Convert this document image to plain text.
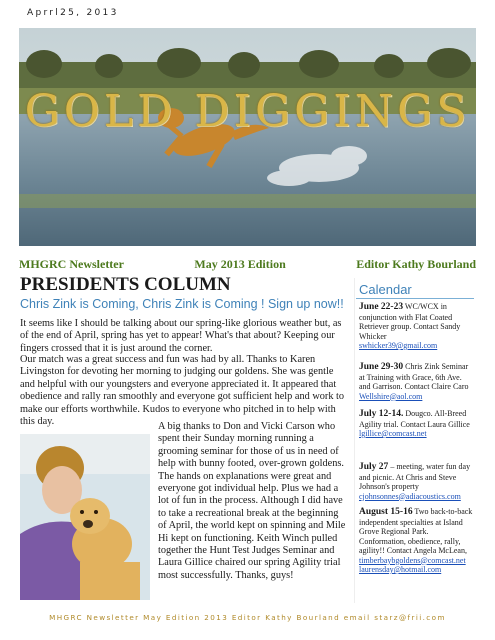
Aprrl25, 2013
GOLD DIGGINGS
MHGRC Newsletter	May 2013 Edition	Editor Kathy Bourland
PRESIDENTS COLUMN
Chris Zink is Coming, Chris Zink is Coming ! Sign up now!!
It seems like I should be talking about our spring-like glorious weather but, as of the end of April, spring has yet to appear! What's that about? Keeping our fingers crossed that it is just around the corner.
Our match was a great success and fun was had by all. Thanks to Karen Livingston for devoting her morning to judging our goldens. She was gentle and helpful with our youngsters and everyone appreciated it. It appeared that obedience and rally ran smoothly and everyone got sufficient help and work to make our efforts worthwhile. Kudos to everyone who pitched in to help with this day.	A big thanks to Don and Vicki Carson who spent their Sunday morning running a grooming seminar for those of us in need of help with bunny footed, over-grown goldens. The hands on explanations were great and everyone got individual help. Plus we had a lot of fun in the process. Although I did have to take a recreational break at the beginning of April, the world kept on spinning and Mile Hi kept on functioning. Keith Winch pulled together the Hunt Test Judges Seminar and Laura Gillice chaired our spring Agility trial most successfully. Thanks, guys!
Calendar
June 22-23 WC/WCX in conjunction with Flat Coated Retriever group. Contact Sandy Whicker
swhicker39@gmail.com
June 29-30 Chris Zink Seminar at Training with Grace, 6th Ave. and Garrison. Contact Claire Caro Wellshire@aol.com
July 12-14. Dougco. All-Breed Agility trial. Contact Laura Gillice
lgillice@comcast.net
July 27 – meeting, water fun day and picnic. At Chris and Steve Johnson's property
cjohnsonnes@adiacoustics.com
August 15-16 Two back-to-back independent specialties at Island Grove Regional Park. Conformation, obedience, rally, agility!! Contact Angela McLean,
timberbaybgoldens@comcast.net laurensday@hotmail.com
MHGRC Newsletter May Edition 2013 Editor Kathy Bourland email starz@frii.com
